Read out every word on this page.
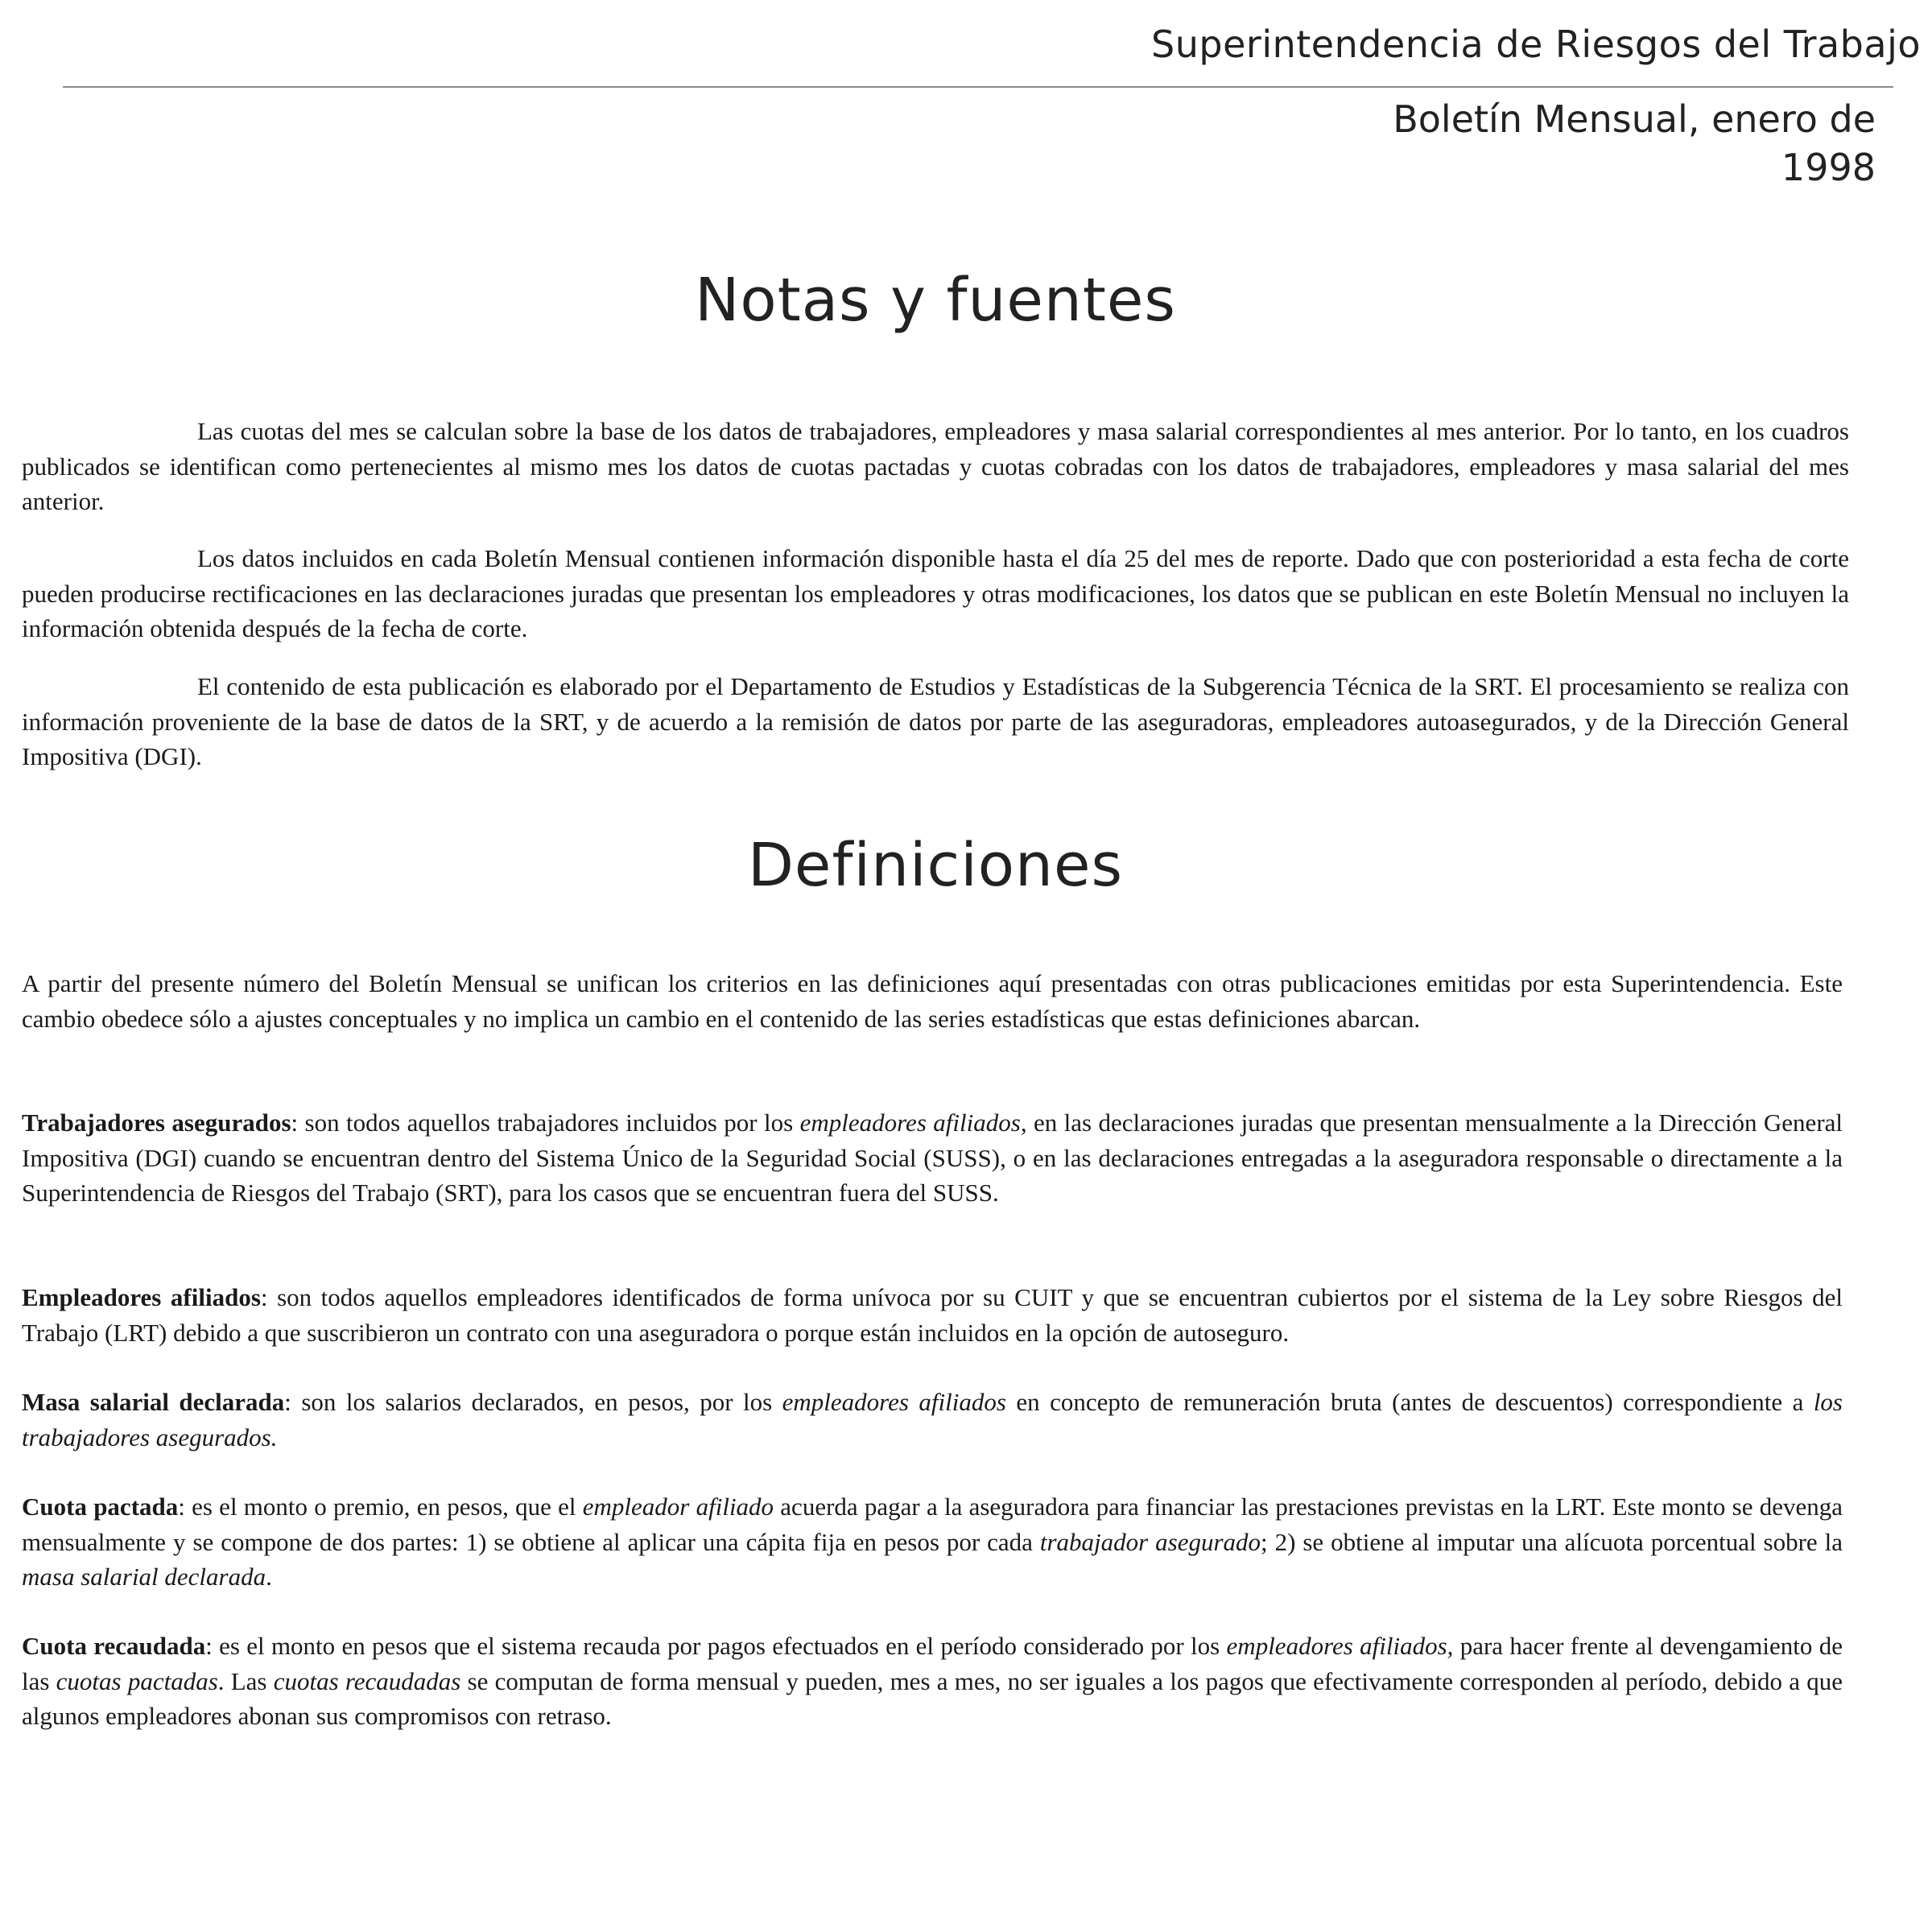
Superintendencia de Riesgos del Trabajo
Boletín Mensual, enero de
1998
Notas y fuentes

Las cuotas del mes se calculan sobre la base de los datos de trabajadores, empleadores y masa salarial correspondientes al mes anterior. Por lo tanto, en los cuadros publicados se identifican como pertenecientes al mismo mes los datos de cuotas pactadas y cuotas cobradas con los datos de trabajadores, empleadores y masa salarial del mes anterior.

Los datos incluidos en cada Boletín Mensual contienen información disponible hasta el día 25 del mes de reporte. Dado que con posterioridad a esta fecha de corte pueden producirse rectificaciones en las declaraciones juradas que presentan los empleadores y otras modificaciones, los datos que se publican en este Boletín Mensual no incluyen la información obtenida después de la fecha de corte.

El contenido de esta publicación es elaborado por el Departamento de Estudios y Estadísticas de la Subgerencia Técnica de la SRT. El procesamiento se realiza con información proveniente de la base de datos de la SRT, y de acuerdo a la remisión de datos por parte de las aseguradoras, empleadores autoasegurados, y de la Dirección General Impositiva (DGI).

Definiciones

A partir del presente número del Boletín Mensual se unifican los criterios en las definiciones aquí presentadas con otras publicaciones emitidas por esta Superintendencia. Este cambio obedece sólo a ajustes conceptuales y no implica un cambio en el contenido de las series estadísticas que estas definiciones abarcan.

Trabajadores asegurados: son todos aquellos trabajadores incluidos por los empleadores afiliados, en las declaraciones juradas que presentan mensualmente a la Dirección General Impositiva (DGI) cuando se encuentran dentro del Sistema Único de la Seguridad Social (SUSS), o en las declaraciones entregadas a la aseguradora responsable o directamente a la Superintendencia de Riesgos del Trabajo (SRT), para los casos que se encuentran fuera del SUSS.

Empleadores afiliados: son todos aquellos empleadores identificados de forma unívoca por su CUIT y que se encuentran cubiertos por el sistema de la Ley sobre Riesgos del Trabajo (LRT) debido a que suscribieron un contrato con una aseguradora o porque están incluidos en la opción de autoseguro.

Masa salarial declarada: son los salarios declarados, en pesos, por los empleadores afiliados en concepto de remuneración bruta (antes de descuentos) correspondiente a los trabajadores asegurados.

Cuota pactada: es el monto o premio, en pesos, que el empleador afiliado acuerda pagar a la aseguradora para financiar las prestaciones previstas en la LRT. Este monto se devenga mensualmente y se compone de dos partes: 1) se obtiene al aplicar una cápita fija en pesos por cada trabajador asegurado; 2) se obtiene al imputar una alícuota porcentual sobre la masa salarial declarada.

Cuota recaudada: es el monto en pesos que el sistema recauda por pagos efectuados en el período considerado por los empleadores afiliados, para hacer frente al devengamiento de las cuotas pactadas. Las cuotas recaudadas se computan de forma mensual y pueden, mes a mes, no ser iguales a los pagos que efectivamente corresponden al período, debido a que algunos empleadores abonan sus compromisos con retraso.
